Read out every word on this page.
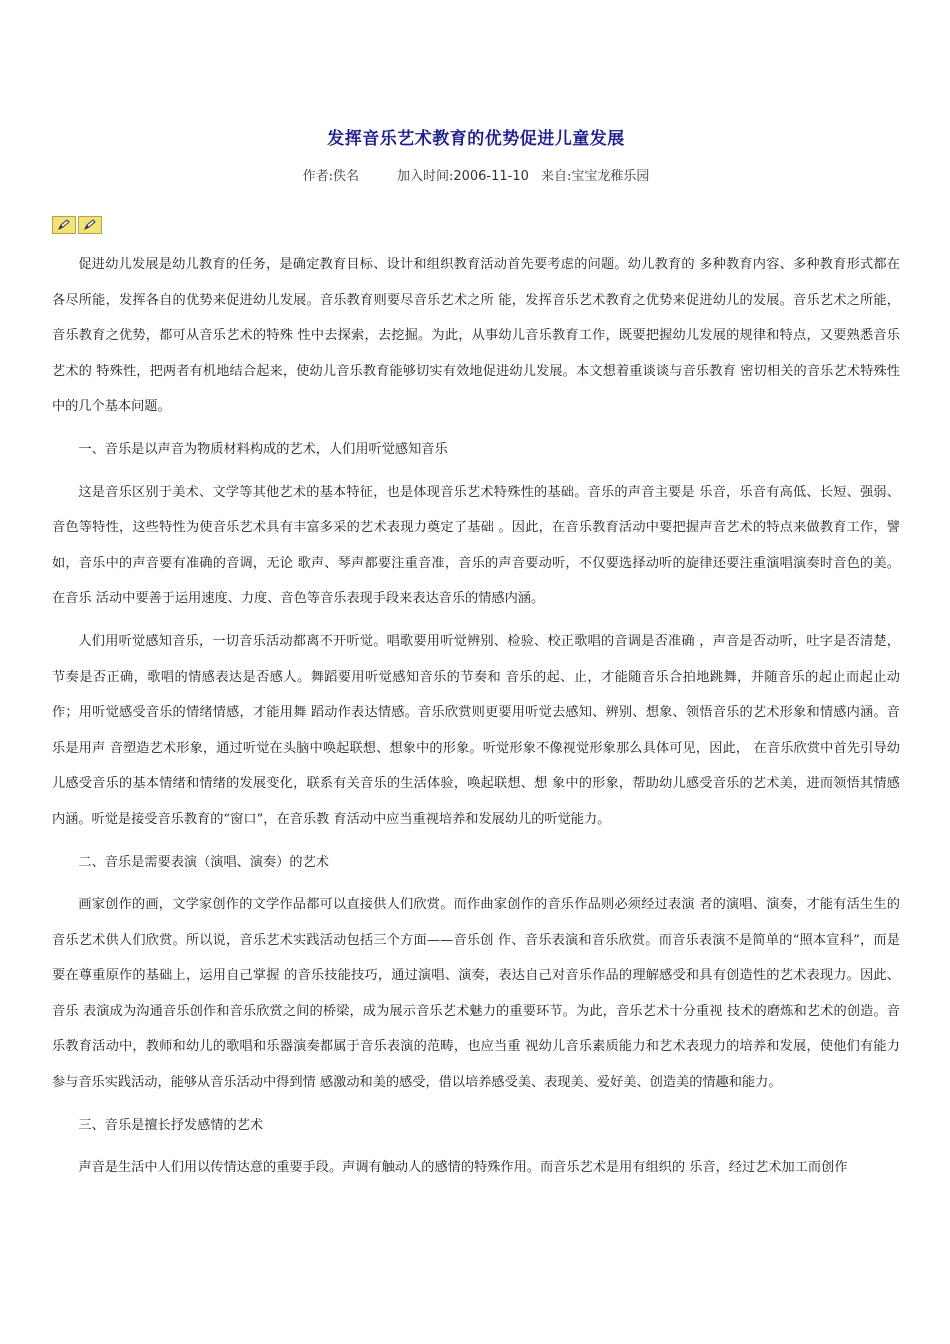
发挥音乐艺术教育的优势促进儿童发展
作者:佚名	加入时间:2006-11-10 来自:宝宝龙稚乐园

促进幼儿发展是幼儿教育的任务，是确定教育目标、设计和组织教育活动首先要考虑的问题。幼儿教育的 多种教育内容、多种教育形式都在各尽所能，发挥各自的优势来促进幼儿发展。音乐教育则要尽音乐艺术之所 能，发挥音乐艺术教育之优势来促进幼儿的发展。音乐艺术之所能，音乐教育之优势，都可从音乐艺术的特殊 性中去探索，去挖掘。为此，从事幼儿音乐教育工作，既要把握幼儿发展的规律和特点，又要熟悉音乐艺术的 特殊性，把两者有机地结合起来，使幼儿音乐教育能够切实有效地促进幼儿发展。本文想着重谈谈与音乐教育 密切相关的音乐艺术特殊性中的几个基本问题。

一、音乐是以声音为物质材料构成的艺术，人们用听觉感知音乐

这是音乐区别于美术、文学等其他艺术的基本特征，也是体现音乐艺术特殊性的基础。音乐的声音主要是 乐音，乐音有高低、长短、强弱、音色等特性，这些特性为使音乐艺术具有丰富多采的艺术表现力奠定了基础 。因此，在音乐教育活动中要把握声音艺术的特点来做教育工作，譬如，音乐中的声音要有准确的音调，无论 歌声、琴声都要注重音准，音乐的声音要动听，不仅要选择动听的旋律还要注重演唱演奏时音色的美。在音乐 活动中要善于运用速度、力度、音色等音乐表现手段来表达音乐的情感内涵。

人们用听觉感知音乐，一切音乐活动都离不开听觉。唱歌要用听觉辨别、检验、校正歌唱的音调是否准确 ，声音是否动听，吐字是否清楚，节奏是否正确，歌唱的情感表达是否感人。舞蹈要用听觉感知音乐的节奏和 音乐的起、止，才能随音乐合拍地跳舞，并随音乐的起止而起止动作；用听觉感受音乐的情绪情感，才能用舞 蹈动作表达情感。音乐欣赏则更要用听觉去感知、辨别、想象、领悟音乐的艺术形象和情感内涵。音乐是用声 音塑造艺术形象，通过听觉在头脑中唤起联想、想象中的形象。听觉形象不像视觉形象那么具体可见，因此， 在音乐欣赏中首先引导幼儿感受音乐的基本情绪和情绪的发展变化，联系有关音乐的生活体验，唤起联想、想 象中的形象，帮助幼儿感受音乐的艺术美，进而领悟其情感内涵。听觉是接受音乐教育的“窗口”，在音乐教 育活动中应当重视培养和发展幼儿的听觉能力。

二、音乐是需要表演（演唱、演奏）的艺术

画家创作的画，文学家创作的文学作品都可以直接供人们欣赏。而作曲家创作的音乐作品则必须经过表演 者的演唱、演奏，才能有活生生的音乐艺术供人们欣赏。所以说，音乐艺术实践活动包括三个方面——音乐创 作、音乐表演和音乐欣赏。而音乐表演不是简单的“照本宣科”，而是要在尊重原作的基础上，运用自己掌握 的音乐技能技巧，通过演唱、演奏，表达自己对音乐作品的理解感受和具有创造性的艺术表现力。因此、音乐 表演成为沟通音乐创作和音乐欣赏之间的桥梁，成为展示音乐艺术魅力的重要环节。为此，音乐艺术十分重视 技术的磨炼和艺术的创造。音乐教育活动中，教师和幼儿的歌唱和乐器演奏都属于音乐表演的范畴，也应当重 视幼儿音乐素质能力和艺术表现力的培养和发展，使他们有能力参与音乐实践活动，能够从音乐活动中得到情 感激动和美的感受，借以培养感受美、表现美、爱好美、创造美的情趣和能力。

三、音乐是擅长抒发感情的艺术

声音是生活中人们用以传情达意的重要手段。声调有触动人的感情的特殊作用。而音乐艺术是用有组织的 乐音，经过艺术加工而创作
